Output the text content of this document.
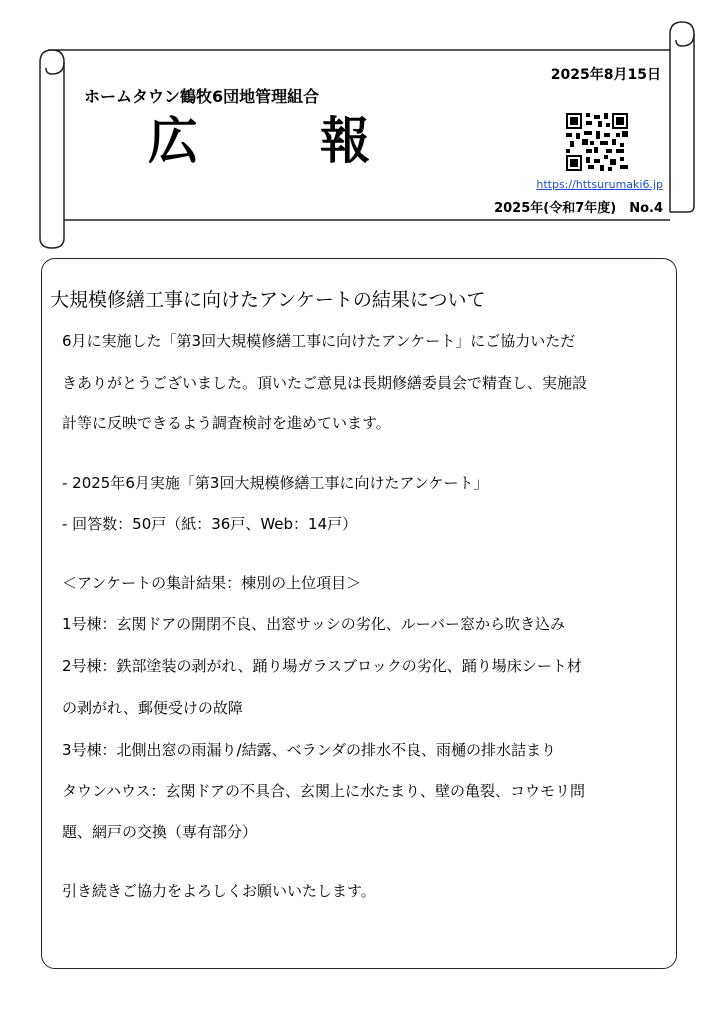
2025年8月15日
ホームタウン鶴牧6団地管理組合
広 報
https://httsurumaki6.jp
2025年(令和7年度)　No.4
大規模修繕工事に向けたアンケートの結果について
6月に実施した「第3回大規模修繕工事に向けたアンケート」にご協力いただ
きありがとうございました。頂いたご意見は長期修繕委員会で精査し、実施設
計等に反映できるよう調査検討を進めています。
- 2025年6月実施「第3回大規模修繕工事に向けたアンケート」
- 回答数：50戸（紙：36戸、Web：14戸）
＜アンケートの集計結果：棟別の上位項目＞
1号棟：玄関ドアの開閉不良、出窓サッシの劣化、ルーバー窓から吹き込み
2号棟：鉄部塗装の剥がれ、踊り場ガラスブロックの劣化、踊り場床シート材
の剥がれ、郵便受けの故障
3号棟：北側出窓の雨漏り/結露、ベランダの排水不良、雨樋の排水詰まり
タウンハウス：玄関ドアの不具合、玄関上に水たまり、壁の亀裂、コウモリ問
題、網戸の交換（専有部分）
引き続きご協力をよろしくお願いいたします。
